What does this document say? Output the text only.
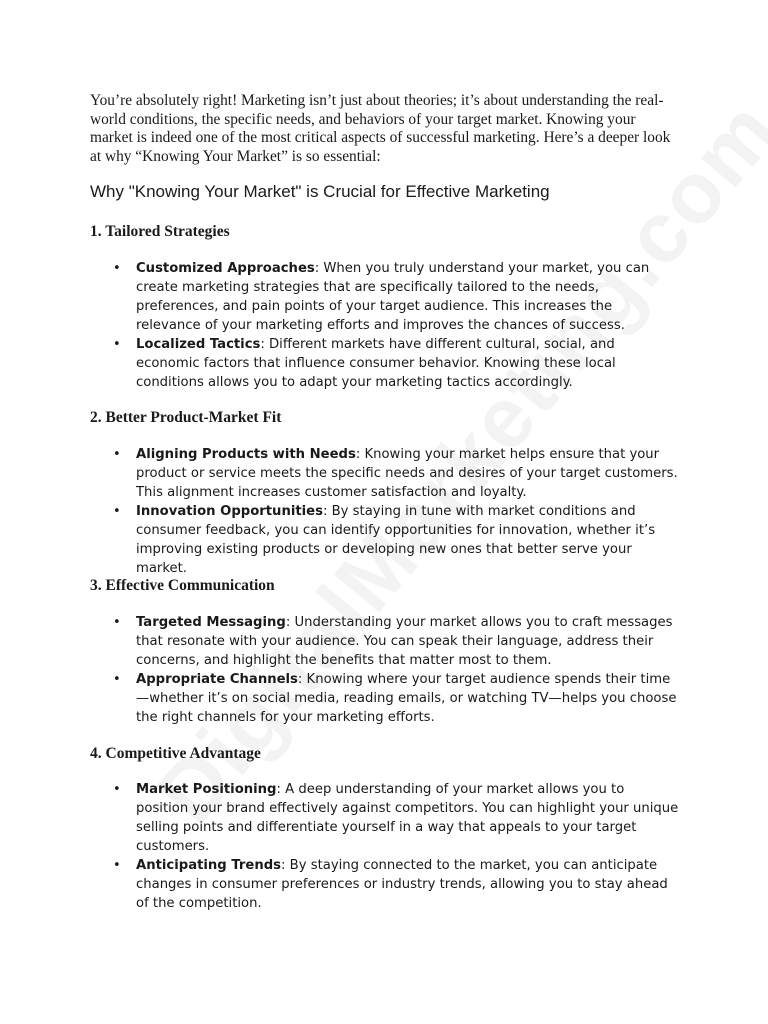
You’re absolutely right! Marketing isn’t just about theories; it’s about understanding the real-world conditions, the specific needs, and behaviors of your target market. Knowing your market is indeed one of the most critical aspects of successful marketing. Here’s a deeper look at why “Knowing Your Market” is so essential:

Why "Knowing Your Market" is Crucial for Effective Marketing
1. Tailored Strategies
• Customized Approaches: When you truly understand your market, you can create marketing strategies that are specifically tailored to the needs, preferences, and pain points of your target audience. This increases the relevance of your marketing efforts and improves the chances of success.
• Localized Tactics: Different markets have different cultural, social, and economic factors that influence consumer behavior. Knowing these local conditions allows you to adapt your marketing tactics accordingly.
2. Better Product-Market Fit
• Aligning Products with Needs: Knowing your market helps ensure that your product or service meets the specific needs and desires of your target customers. This alignment increases customer satisfaction and loyalty.
• Innovation Opportunities: By staying in tune with market conditions and consumer feedback, you can identify opportunities for innovation, whether it’s improving existing products or developing new ones that better serve your market.
3. Effective Communication
• Targeted Messaging: Understanding your market allows you to craft messages that resonate with your audience. You can speak their language, address their concerns, and highlight the benefits that matter most to them.
• Appropriate Channels: Knowing where your target audience spends their time—whether it’s on social media, reading emails, or watching TV—helps you choose the right channels for your marketing efforts.
4. Competitive Advantage
• Market Positioning: A deep understanding of your market allows you to position your brand effectively against competitors. You can highlight your unique selling points and differentiate yourself in a way that appeals to your target customers.
• Anticipating Trends: By staying connected to the market, you can anticipate changes in consumer preferences or industry trends, allowing you to stay ahead of the competition.
